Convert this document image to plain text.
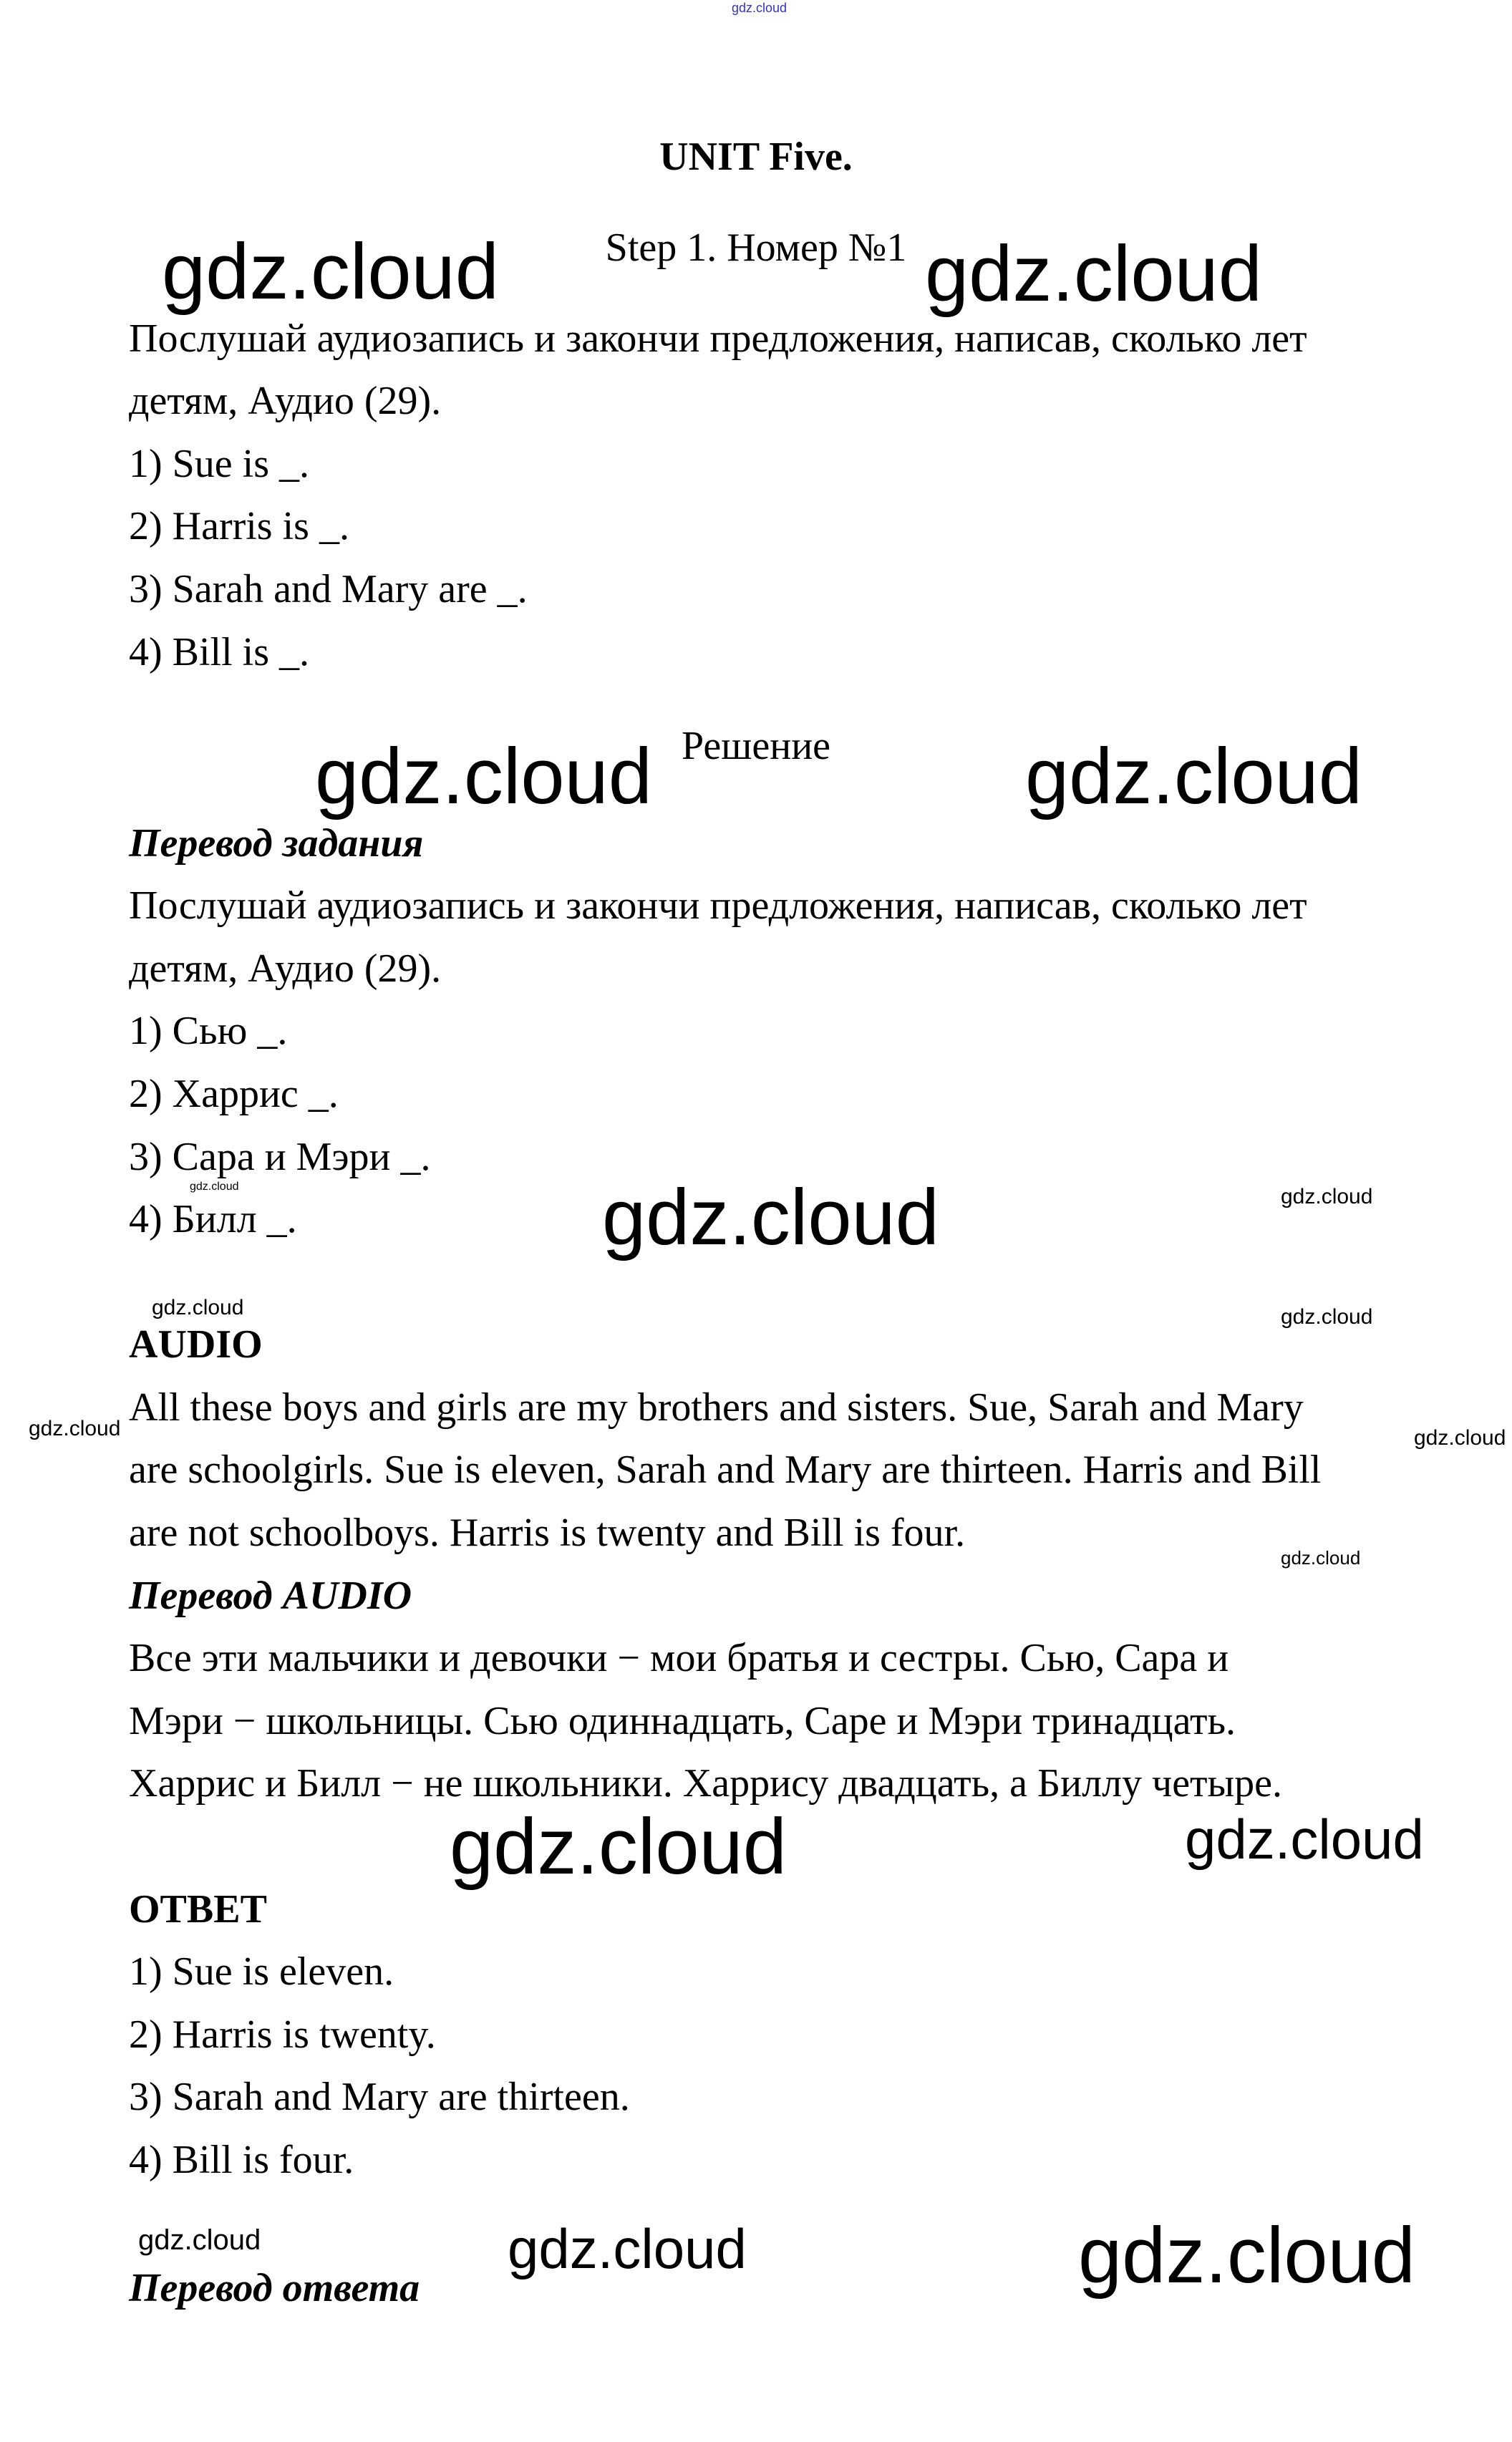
gdz.cloud
UNIT Five.
Step 1. Номер №1
Послушай аудиозапись и закончи предложения, написав, сколько лет
детям, Аудио (29).
1) Sue is _.
2) Harris is _.
3) Sarah and Mary are _.
4) Bill is _.
Решение
Перевод задания
Послушай аудиозапись и закончи предложения, написав, сколько лет
детям, Аудио (29).
1) Сью _.
2) Харрис _.
3) Сара и Мэри _.
4) Билл _.
AUDIO
All these boys and girls are my brothers and sisters. Sue, Sarah and Mary
are schoolgirls. Sue is eleven, Sarah and Mary are thirteen. Harris and Bill
are not schoolboys. Harris is twenty and Bill is four.
Перевод AUDIO
Все эти мальчики и девочки − мои братья и сестры. Сью, Сара и
Мэри − школьницы. Сью одиннадцать, Саре и Мэри тринадцать.
Харрис и Билл − не школьники. Харрису двадцать, а Биллу четыре.
ОТВЕТ
1) Sue is eleven.
2) Harris is twenty.
3) Sarah and Mary are thirteen.
4) Bill is four.
Перевод ответа
gdz.cloud	gdz.cloud
gdz.cloud	gdz.cloud
gdz.cloud
gdz.cloud	gdz.cloud
gdz.cloud	gdz.cloud
gdz.cloud
gdz.cloud	gdz.cloud
gdz.cloud	gdz.cloud
gdz.cloud
gdz.cloud
gdz.cloud
